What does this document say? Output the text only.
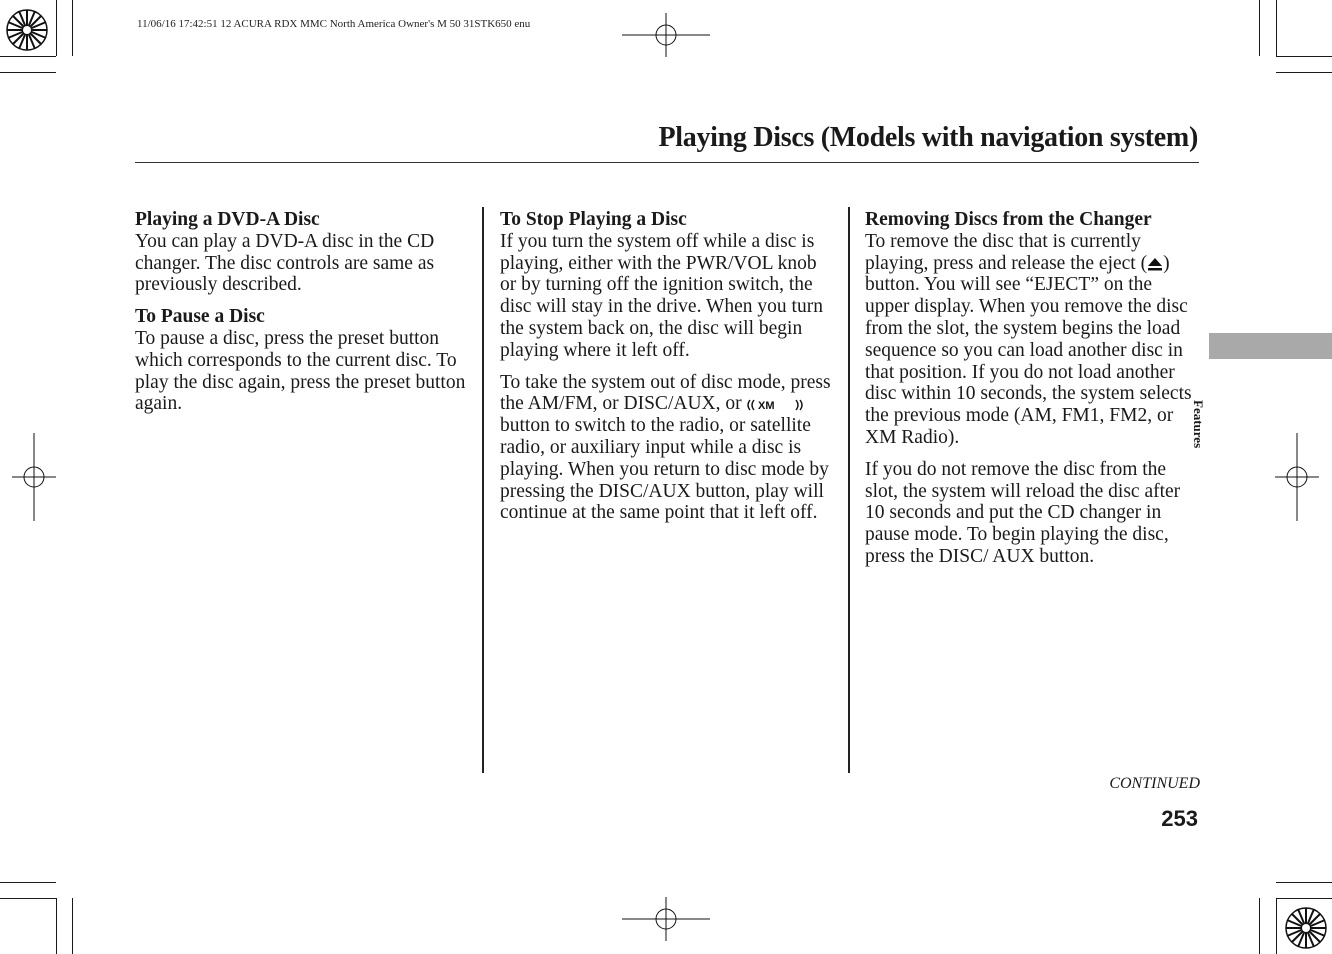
11/06/16 17:42:51 12 ACURA RDX MMC North America Owner's M 50 31STK650 enu
Playing Discs (Models with navigation system)
Playing a DVD-A Disc

You can play a DVD-A disc in the CD changer. The disc controls are same as previously described.

To Pause a Disc

To pause a disc, press the preset button which corresponds to the current disc. To play the disc again, press the preset button again.

To Stop Playing a Disc

If you turn the system off while a disc is playing, either with the PWR/VOL knob or by turning off the ignition switch, the disc will stay in the drive. When you turn the system back on, the disc will begin playing where it left off.

To take the system out of disc mode, press the AM/FM, or DISC/AUX, or XM
button to switch to the radio, or satellite radio, or auxiliary input while a disc is playing. When you return to disc mode by pressing the DISC/AUX button, play will continue at the same point that it left off.

Removing Discs from the Changer

To remove the disc that is currently playing, press and release the eject ( ) button. You will see “EJECT” on the upper display. When you remove the disc from the slot, the system begins the load sequence so you can load another disc in that position. If you do not load another disc within 10 seconds, the system selects the previous mode (AM, FM1, FM2, or XM Radio).

If you do not remove the disc from the slot, the system will reload the disc after 10 seconds and put the CD changer in pause mode. To begin playing the disc, press the DISC/ AUX button.

Features
CONTINUED
253
